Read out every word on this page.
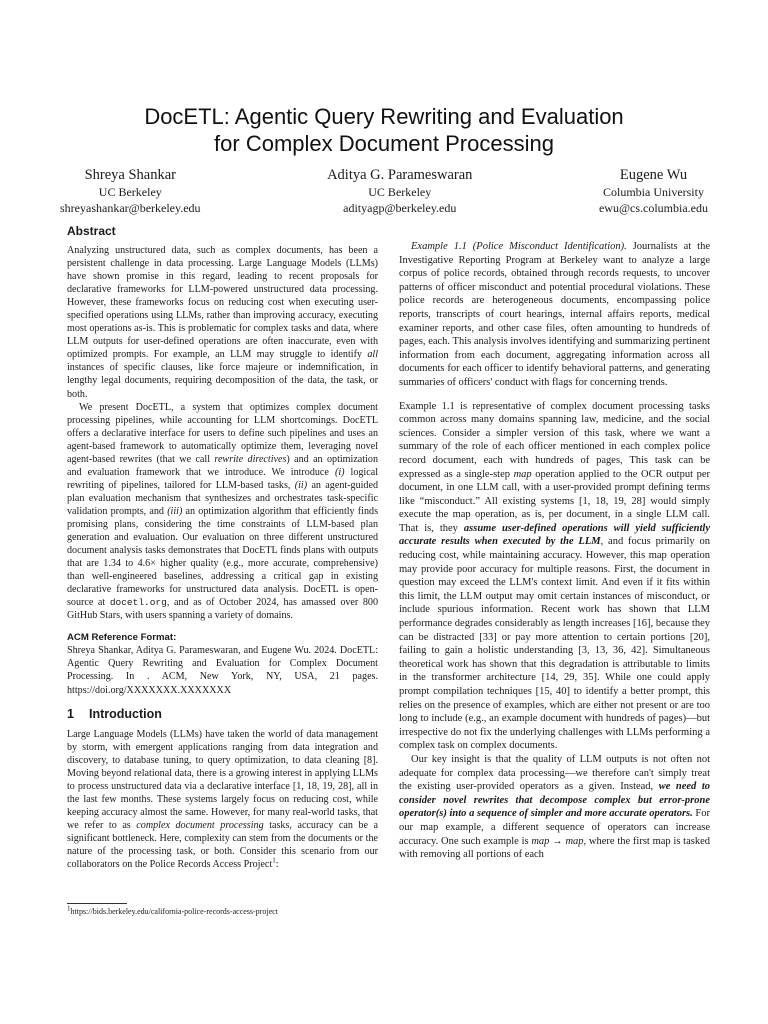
DocETL: Agentic Query Rewriting and Evaluation
for Complex Document Processing
Shreya Shankar
UC Berkeley
shreyashankar@berkeley.edu
Aditya G. Parameswaran
UC Berkeley
adityagp@berkeley.edu
Eugene Wu
Columbia University
ewu@cs.columbia.edu
Abstract

Analyzing unstructured data, such as complex documents, has been a persistent challenge in data processing. Large Language Models (LLMs) have shown promise in this regard, leading to recent proposals for declarative frameworks for LLM-powered unstructured data processing. However, these frameworks focus on reducing cost when executing user-specified operations using LLMs, rather than improving accuracy, executing most operations as-is. This is problematic for complex tasks and data, where LLM outputs for user-defined operations are often inaccurate, even with optimized prompts. For example, an LLM may struggle to identify all instances of specific clauses, like force majeure or indemnification, in lengthy legal documents, requiring decomposition of the data, the task, or both.

We present DocETL, a system that optimizes complex document processing pipelines, while accounting for LLM shortcomings. DocETL offers a declarative interface for users to define such pipelines and uses an agent-based framework to automatically optimize them, leveraging novel agent-based rewrites (that we call rewrite directives) and an optimization and evaluation framework that we introduce. We introduce (i) logical rewriting of pipelines, tailored for LLM-based tasks, (ii) an agent-guided plan evaluation mechanism that synthesizes and orchestrates task-specific validation prompts, and (iii) an optimization algorithm that efficiently finds promising plans, considering the time constraints of LLM-based plan generation and evaluation. Our evaluation on three different unstructured document analysis tasks demonstrates that DocETL finds plans with outputs that are 1.34 to 4.6× higher quality (e.g., more accurate, comprehensive) than well-engineered baselines, addressing a critical gap in existing declarative frameworks for unstructured data analysis. DocETL is open-source at docetl.org, and as of October 2024, has amassed over 800 GitHub Stars, with users spanning a variety of domains.

ACM Reference Format:

Shreya Shankar, Aditya G. Parameswaran, and Eugene Wu. 2024. DocETL: Agentic Query Rewriting and Evaluation for Complex Document Processing. In . ACM, New York, NY, USA, 21 pages. https://doi.org/XXXXXXX.XXXXXXX

1 Introduction

Large Language Models (LLMs) have taken the world of data management by storm, with emergent applications ranging from data integration and discovery, to database tuning, to query optimization, to data cleaning [8]. Moving beyond relational data, there is a growing interest in applying LLMs to process unstructured data via a declarative interface [1, 18, 19, 28], all in the last few months. These systems largely focus on reducing cost, while keeping accuracy almost the same. However, for many real-world tasks, that we refer to as complex document processing tasks, accuracy can be a significant bottleneck. Here, complexity can stem from the documents or the nature of the processing task, or both. Consider this scenario from our collaborators on the Police Records Access Project$^1$:

$^1$https://bids.berkeley.edu/california-police-records-access-project

Example 1.1 (Police Misconduct Identification). Journalists at the Investigative Reporting Program at Berkeley want to analyze a large corpus of police records, obtained through records requests, to uncover patterns of officer misconduct and potential procedural violations. These police records are heterogeneous documents, encompassing police reports, transcripts of court hearings, internal affairs reports, medical examiner reports, and other case files, often amounting to hundreds of pages, each. This analysis involves identifying and summarizing pertinent information from each document, aggregating information across all documents for each officer to identify behavioral patterns, and generating summaries of officers' conduct with flags for concerning trends.

Example 1.1 is representative of complex document processing tasks common across many domains spanning law, medicine, and the social sciences. Consider a simpler version of this task, where we want a summary of the role of each officer mentioned in each complex police record document, each with hundreds of pages, This task can be expressed as a single-step map operation applied to the OCR output per document, in one LLM call, with a user-provided prompt defining terms like “misconduct.” All existing systems [1, 18, 19, 28] would simply execute the map operation, as is, per document, in a single LLM call. That is, they assume user-defined operations will yield sufficiently accurate results when executed by the LLM, and focus primarily on reducing cost, while maintaining accuracy. However, this map operation may provide poor accuracy for multiple reasons. First, the document in question may exceed the LLM's context limit. And even if it fits within this limit, the LLM output may omit certain instances of misconduct, or include spurious information. Recent work has shown that LLM performance degrades considerably as length increases [16], because they can be distracted [33] or pay more attention to certain portions [20], failing to gain a holistic understanding [3, 13, 36, 42]. Simultaneous theoretical work has shown that this degradation is attributable to limits in the transformer architecture [14, 29, 35]. While one could apply prompt compilation techniques [15, 40] to identify a better prompt, this relies on the presence of examples, which are either not present or are too long to include (e.g., an example document with hundreds of pages)—but irrespective do not fix the underlying challenges with LLMs performing a complex task on complex documents.

Our key insight is that the quality of LLM outputs is not often not adequate for complex data processing—we therefore can't simply treat the existing user-provided operators as a given. Instead, we need to consider novel rewrites that decompose complex but error-prone operator(s) into a sequence of simpler and more accurate operators. For our map example, a different sequence of operators can increase accuracy. One such example is map → map, where the first map is tasked with removing all portions of each
